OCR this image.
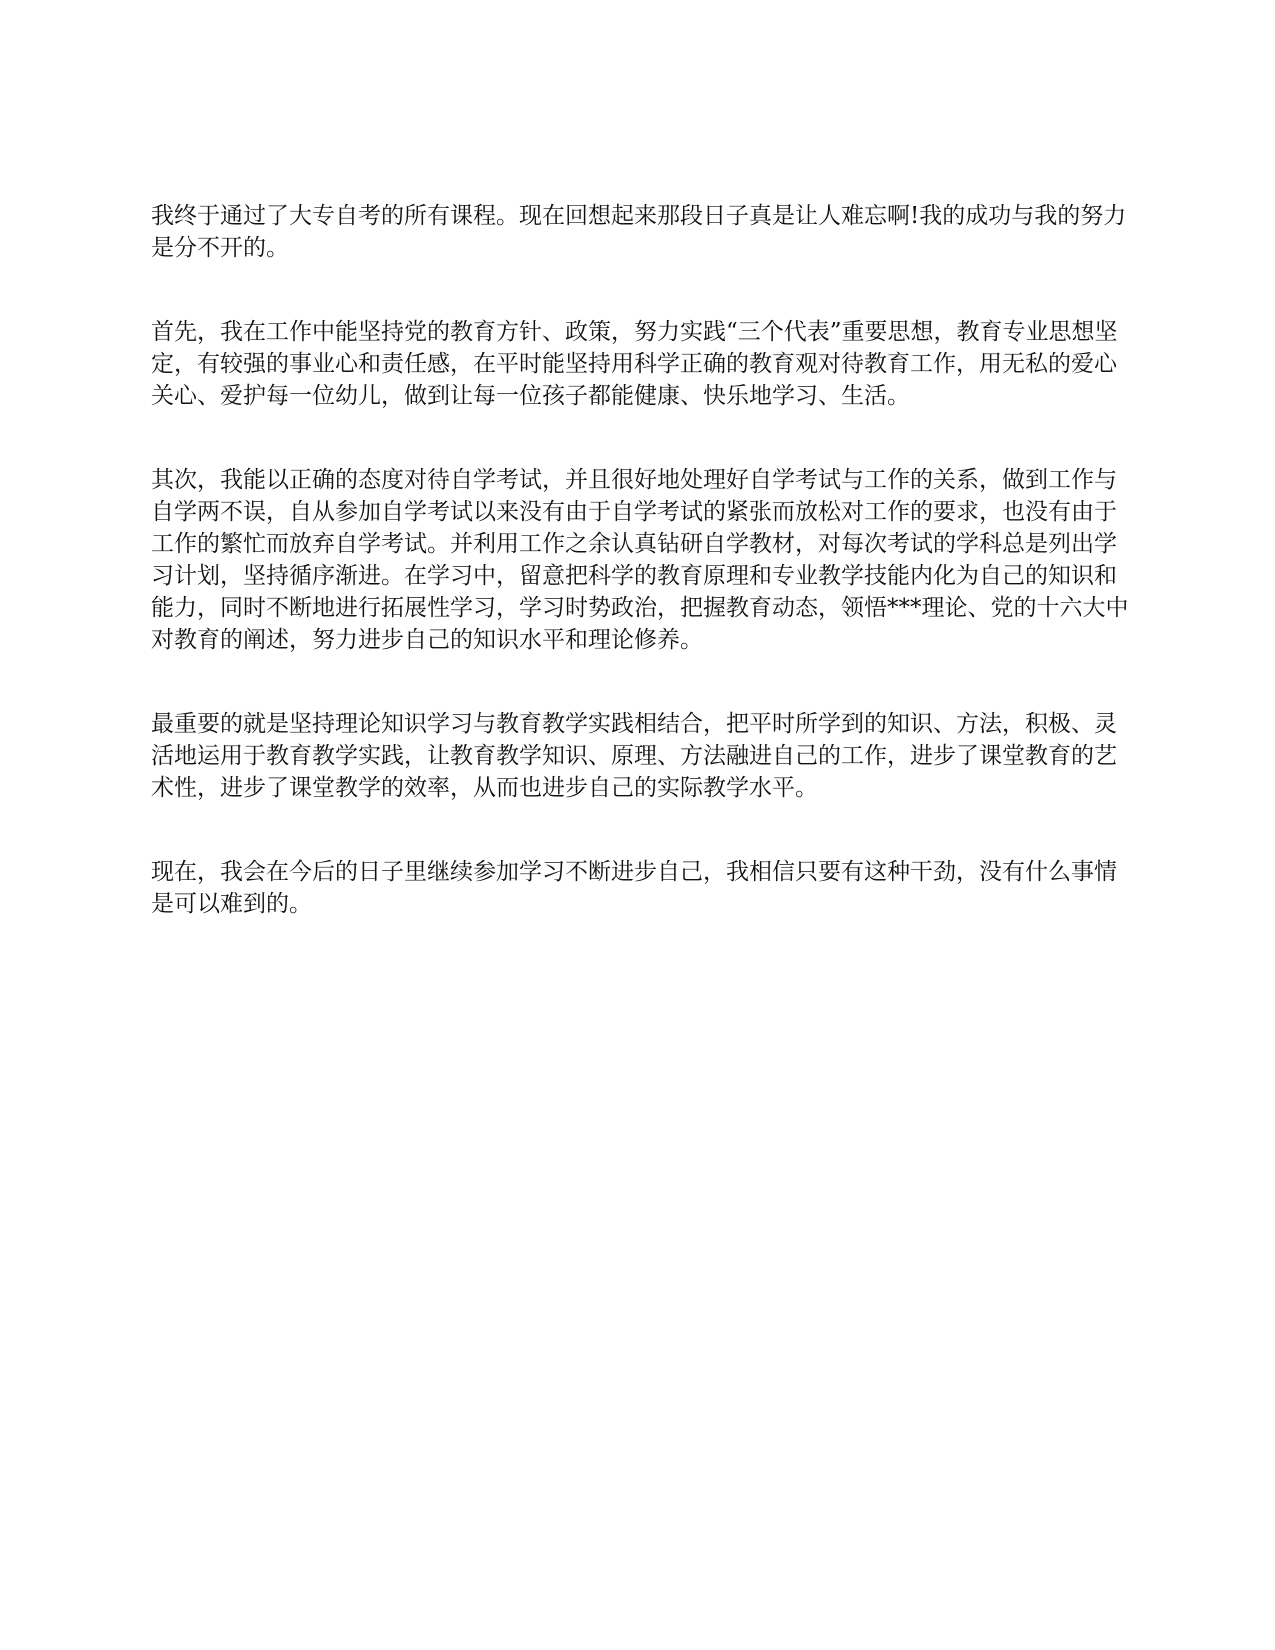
我终于通过了大专自考的所有课程。现在回想起来那段日子真是让人难忘啊!我的成功与我的努力是分不开的。

首先，我在工作中能坚持党的教育方针、政策，努力实践“三个代表”重要思想，教育专业思想坚定，有较强的事业心和责任感，在平时能坚持用科学正确的教育观对待教育工作，用无私的爱心关心、爱护每一位幼儿，做到让每一位孩子都能健康、快乐地学习、生活。

其次，我能以正确的态度对待自学考试，并且很好地处理好自学考试与工作的关系，做到工作与自学两不误，自从参加自学考试以来没有由于自学考试的紧张而放松对工作的要求，也没有由于工作的繁忙而放弃自学考试。并利用工作之余认真钻研自学教材，对每次考试的学科总是列出学习计划，坚持循序渐进。在学习中，留意把科学的教育原理和专业教学技能内化为自己的知识和能力，同时不断地进行拓展性学习，学习时势政治，把握教育动态，领悟***理论、党的十六大中对教育的阐述，努力进步自己的知识水平和理论修养。

最重要的就是坚持理论知识学习与教育教学实践相结合，把平时所学到的知识、方法，积极、灵活地运用于教育教学实践，让教育教学知识、原理、方法融进自己的工作，进步了课堂教育的艺术性，进步了课堂教学的效率，从而也进步自己的实际教学水平。

现在，我会在今后的日子里继续参加学习不断进步自己，我相信只要有这种干劲，没有什么事情是可以难到的。
